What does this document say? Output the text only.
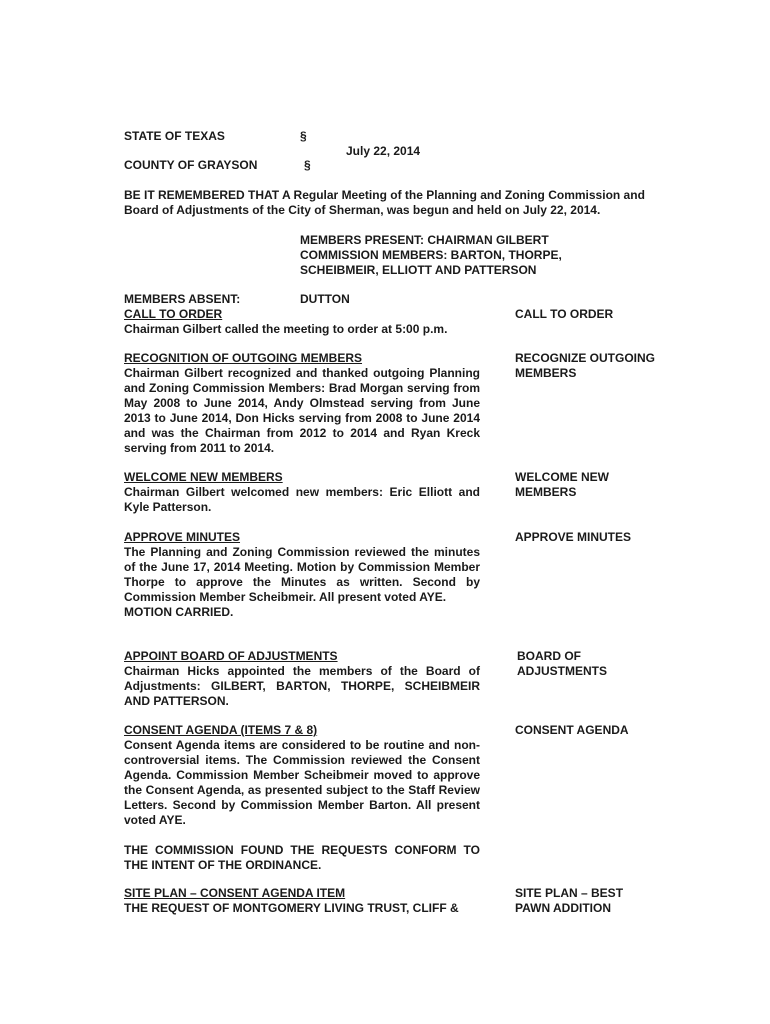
STATE OF TEXAS	§
July 22, 2014
COUNTY OF GRAYSON	§
BE IT REMEMBERED THAT A Regular Meeting of the Planning and Zoning Commission and Board of Adjustments of the City of Sherman, was begun and held on July 22, 2014.
MEMBERS PRESENT: CHAIRMAN GILBERT
COMMISSION MEMBERS: BARTON, THORPE,
SCHEIBMEIR, ELLIOTT AND PATTERSON
MEMBERS ABSENT:	DUTTON

CALL TO ORDER

Chairman Gilbert called the meeting to order at 5:00 p.m.

CALL TO ORDER

RECOGNITION OF OUTGOING MEMBERS

Chairman Gilbert recognized and thanked outgoing Planning and Zoning Commission Members: Brad Morgan serving from May 2008 to June 2014, Andy Olmstead serving from June 2013 to June 2014, Don Hicks serving from 2008 to June 2014 and was the Chairman from 2012 to 2014 and Ryan Kreck serving from 2011 to 2014.

RECOGNIZE OUTGOING MEMBERS

WELCOME NEW MEMBERS

Chairman Gilbert welcomed new members: Eric Elliott and Kyle Patterson.

WELCOME NEW MEMBERS

APPROVE MINUTES

The Planning and Zoning Commission reviewed the minutes of the June 17, 2014 Meeting. Motion by Commission Member Thorpe to approve the Minutes as written. Second by Commission Member Scheibmeir. All present voted AYE.

MOTION CARRIED.

APPROVE MINUTES

APPOINT BOARD OF ADJUSTMENTS

Chairman Hicks appointed the members of the Board of Adjustments: GILBERT, BARTON, THORPE, SCHEIBMEIR AND PATTERSON.

BOARD OF ADJUSTMENTS

CONSENT AGENDA (ITEMS 7 & 8)

Consent Agenda items are considered to be routine and non-controversial items. The Commission reviewed the Consent Agenda. Commission Member Scheibmeir moved to approve the Consent Agenda, as presented subject to the Staff Review Letters. Second by Commission Member Barton. All present voted AYE.

THE COMMISSION FOUND THE REQUESTS CONFORM TO THE INTENT OF THE ORDINANCE.

CONSENT AGENDA

SITE PLAN – CONSENT AGENDA ITEM

THE REQUEST OF MONTGOMERY LIVING TRUST, CLIFF &

SITE PLAN – BEST PAWN ADDITION
